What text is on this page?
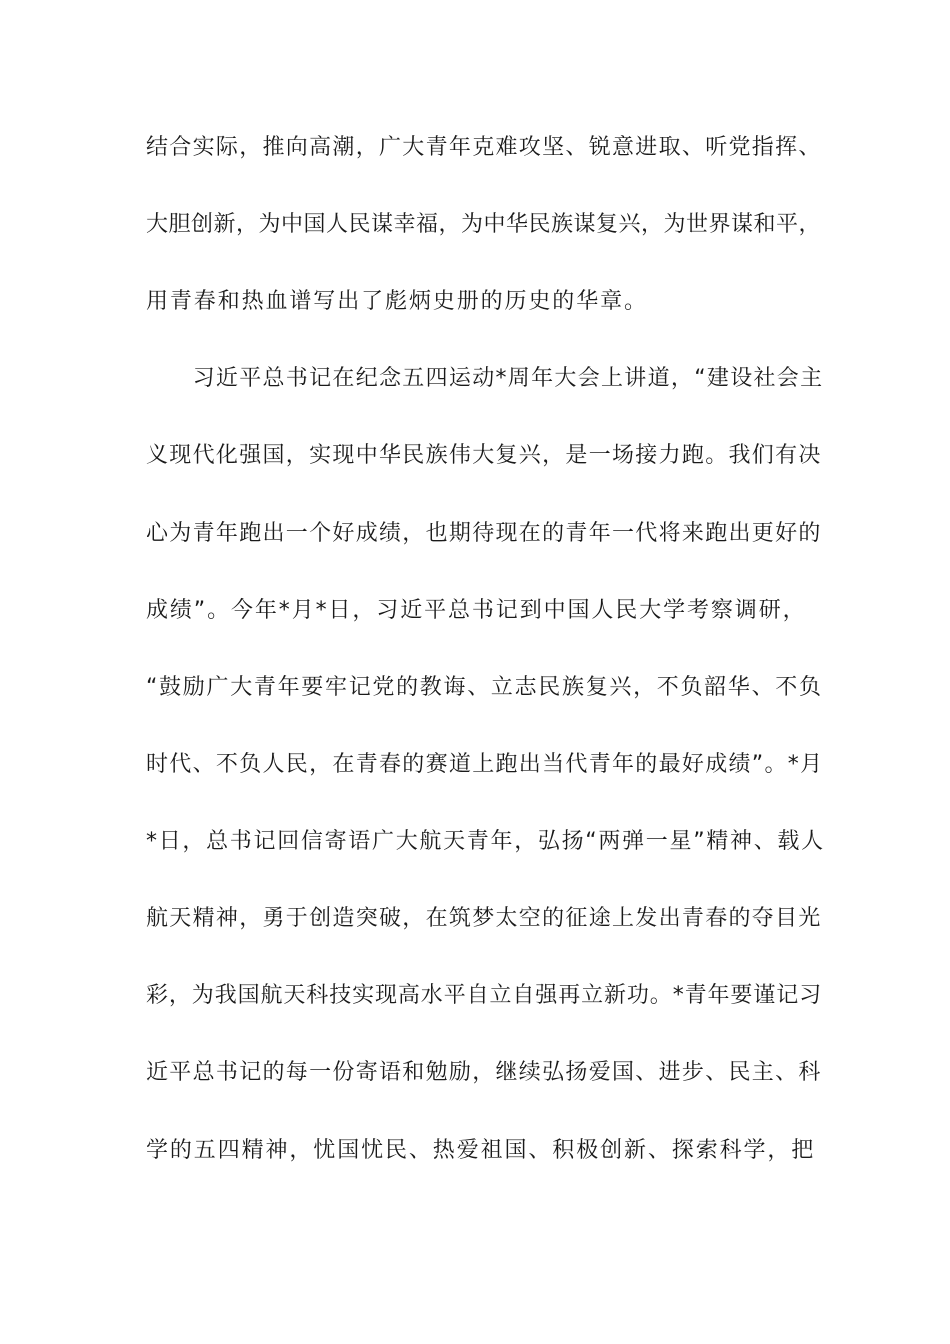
结合实际，推向高潮，广大青年克难攻坚、锐意进取、听党指挥、
大胆创新，为中国人民谋幸福，为中华民族谋复兴，为世界谋和平，
用青春和热血谱写出了彪炳史册的历史的华章。
　　习近平总书记在纪念五四运动*周年大会上讲道，“建设社会主
义现代化强国，实现中华民族伟大复兴，是一场接力跑。我们有决
心为青年跑出一个好成绩，也期待现在的青年一代将来跑出更好的
成绩”。今年*月*日，习近平总书记到中国人民大学考察调研，
“鼓励广大青年要牢记党的教诲、立志民族复兴，不负韶华、不负
时代、不负人民，在青春的赛道上跑出当代青年的最好成绩”。*月
*日，总书记回信寄语广大航天青年，弘扬“两弹一星”精神、载人
航天精神，勇于创造突破，在筑梦太空的征途上发出青春的夺目光
彩，为我国航天科技实现高水平自立自强再立新功。*青年要谨记习
近平总书记的每一份寄语和勉励，继续弘扬爱国、进步、民主、科
学的五四精神，忧国忧民、热爱祖国、积极创新、探索科学，把
